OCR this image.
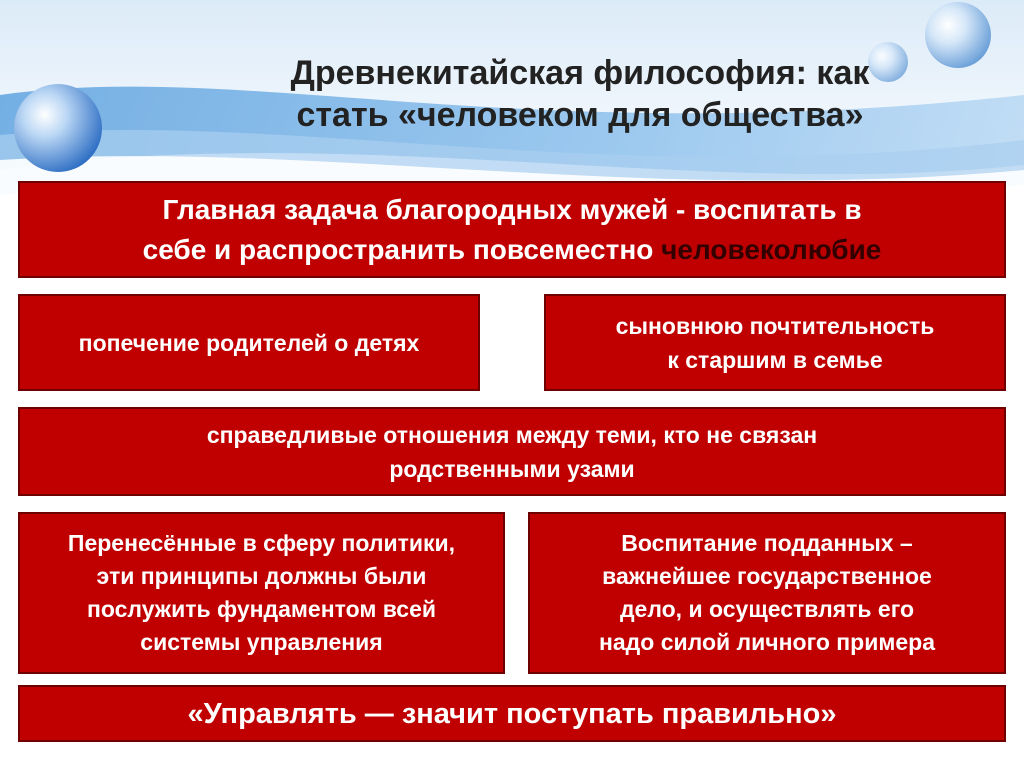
Древнекитайская философия: как
стать «человеком для общества»
Главная задача благородных мужей - воспитать в
себе и распространить повсеместно человеколюбие
попечение родителей о детях
сыновнюю почтительность
к старшим в семье
справедливые отношения между теми, кто не связан
родственными узами
Перенесённые в сферу политики,
эти принципы должны были
послужить фундаментом всей
системы управления
Воспитание подданных –
важнейшее государственное
дело, и осуществлять его
надо силой личного примера
«Управлять — значит поступать правильно»
